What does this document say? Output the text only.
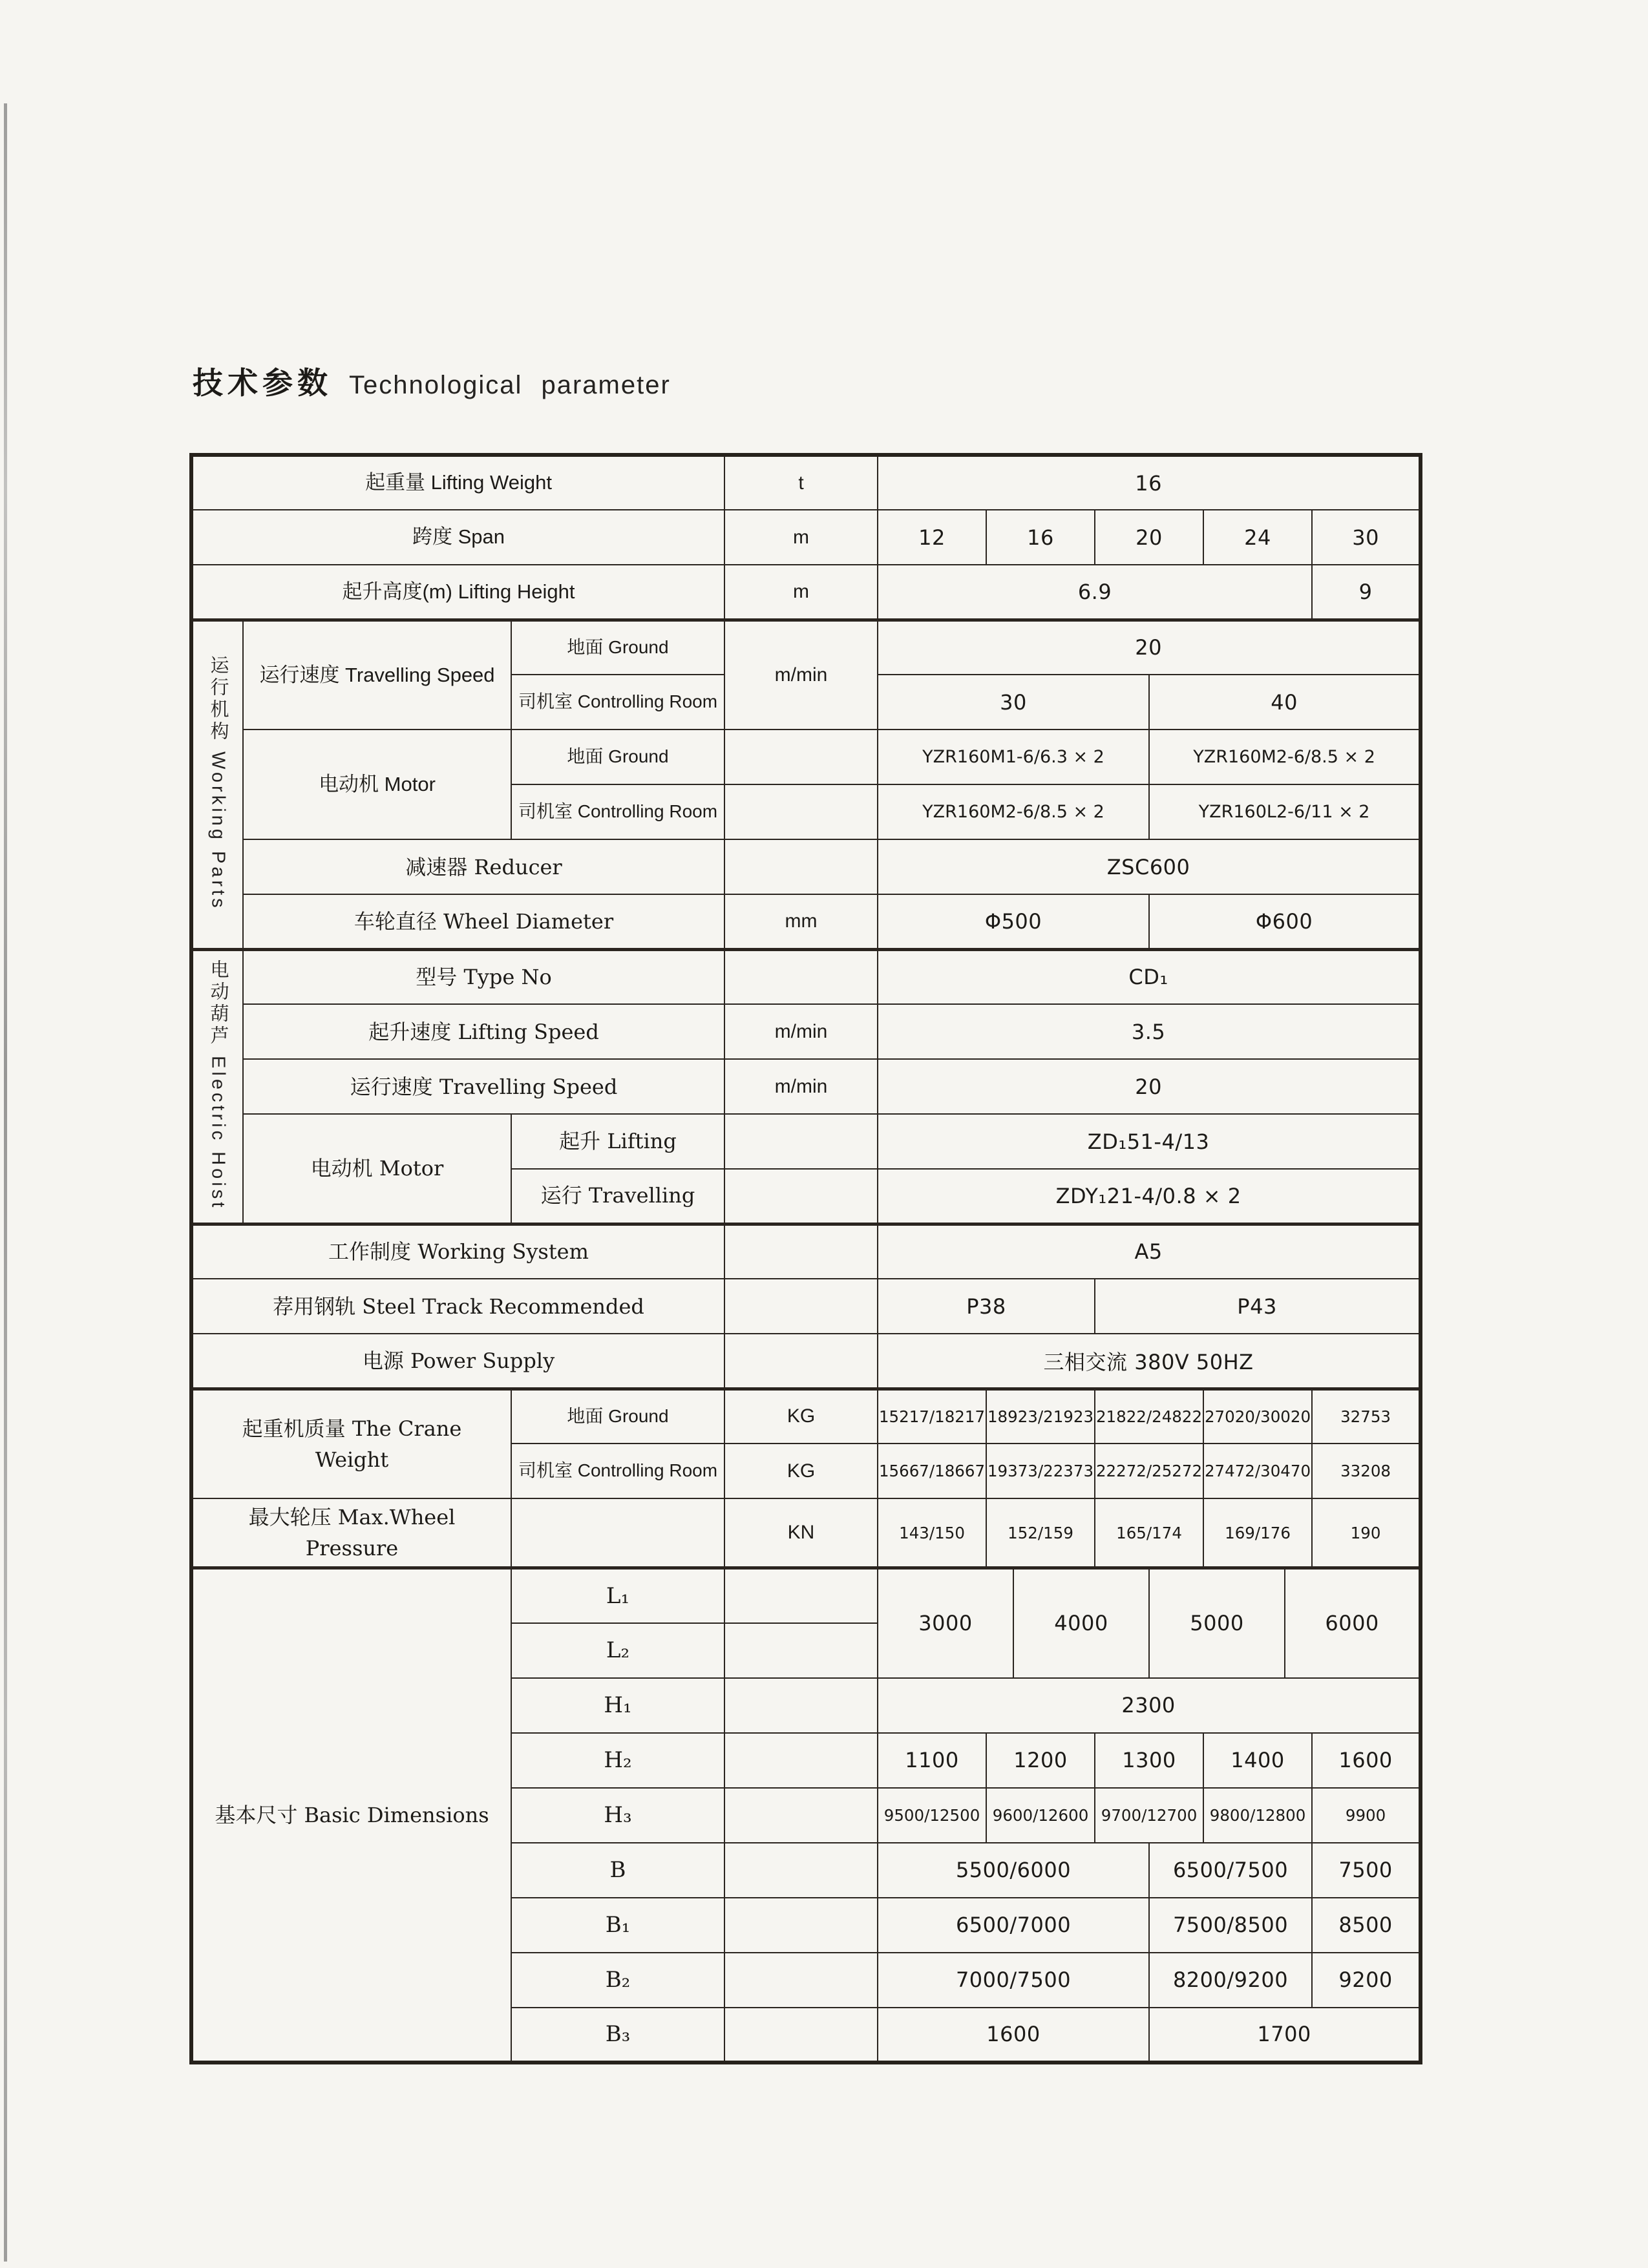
技术参数 Technological parameter
起重量 Lifting Weight			t	16							
跨度 Span			m	12	16		20		24		30
起升高度(m) Lifting Height			m	6.9							9
运行机构 Working Parts	运行速度 Travelling Speed	地面 Ground	m/min	20							
		司机室 Controlling Room		30				40			
	电动机 Motor	地面 Ground		YZR160M1-6/6.3 × 2				YZR160M2-6/8.5 × 2			
		司机室 Controlling Room		YZR160M2-6/8.5 × 2				YZR160L2-6/11 × 2			
	减速器 Reducer			ZSC600							
	车轮直径 Wheel Diameter		mm	Φ500				Φ600			
电动葫芦 Electric Hoist	型号 Type No			CD₁							
	起升速度 Lifting Speed		m/min	3.5							
	运行速度 Travelling Speed		m/min	20							
	电动机 Motor	起升 Lifting		ZD₁51-4/13							
		运行 Travelling		ZDY₁21-4/0.8 × 2							
工作制度 Working System				A5							
荐用钢轨 Steel Track Recommended				P38			P43				
电源 Power Supply				三相交流 380V 50HZ							
起重机质量 The Crane Weight		地面 Ground	KG	15217/18217	18923/21923		21822/24822		27020/30020		32753
		司机室 Controlling Room	KG	15667/18667	19373/22373		22272/25272		27472/30470		33208
最大轮压 Max.Wheel Pressure			KN	143/150	152/159		165/174		169/176		190
基本尺寸 Basic Dimensions		L₁		3000		4000		5000		6000	
		L₂									
		H₁		2300							
		H₂		1100	1200		1300		1400		1600
		H₃		9500/12500	9600/12600		9700/12700		9800/12800		9900
		B		5500/6000				6500/7500			7500
		B₁		6500/7000				7500/8500			8500
		B₂		7000/7500				8200/9200			9200
		B₃		1600				1700			
